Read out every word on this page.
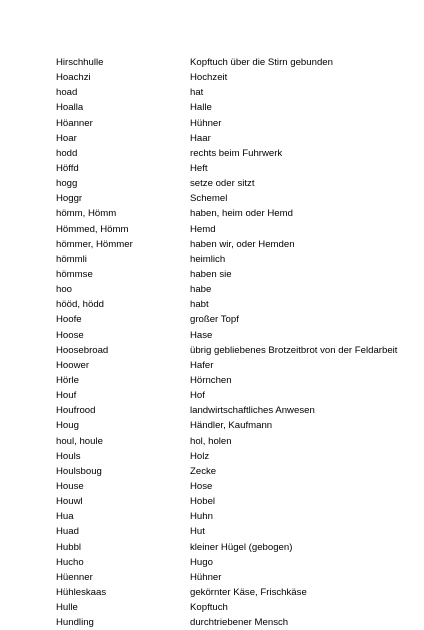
Hirschhulle	Kopftuch über die Stirn gebunden
Hoachzi	Hochzeit
hoad	hat
Hoalla	Halle
Höanner	Hühner
Hoar	Haar
hodd	rechts beim Fuhrwerk
Höffd	Heft
hogg	setze oder sitzt
Hoggr	Schemel
hömm, Hömm	haben, heim oder Hemd
Hömmed, Hömm	Hemd
hömmer, Hömmer	haben wir, oder Hemden
hömmli	heimlich
hömmse	haben sie
hoo	habe
hööd, hödd	habt
Hoofe	großer Topf
Hoose	Hase
Hoosebroad	übrig gebliebenes Brotzeitbrot von der Feldarbeit
Hoower	Hafer
Hörle	Hörnchen
Houf	Hof
Houfrood	landwirtschaftliches Anwesen
Houg	Händler, Kaufmann
houl, houle	hol, holen
Houls	Holz
Houlsboug	Zecke
House	Hose
Houwl	Hobel
Hua	Huhn
Huad	Hut
Hubbl	kleiner Hügel (gebogen)
Hucho	Hugo
Hüenner	Hühner
Hühleskaas	gekörnter Käse, Frischkäse
Hulle	Kopftuch
Hundling	durchtriebener Mensch
